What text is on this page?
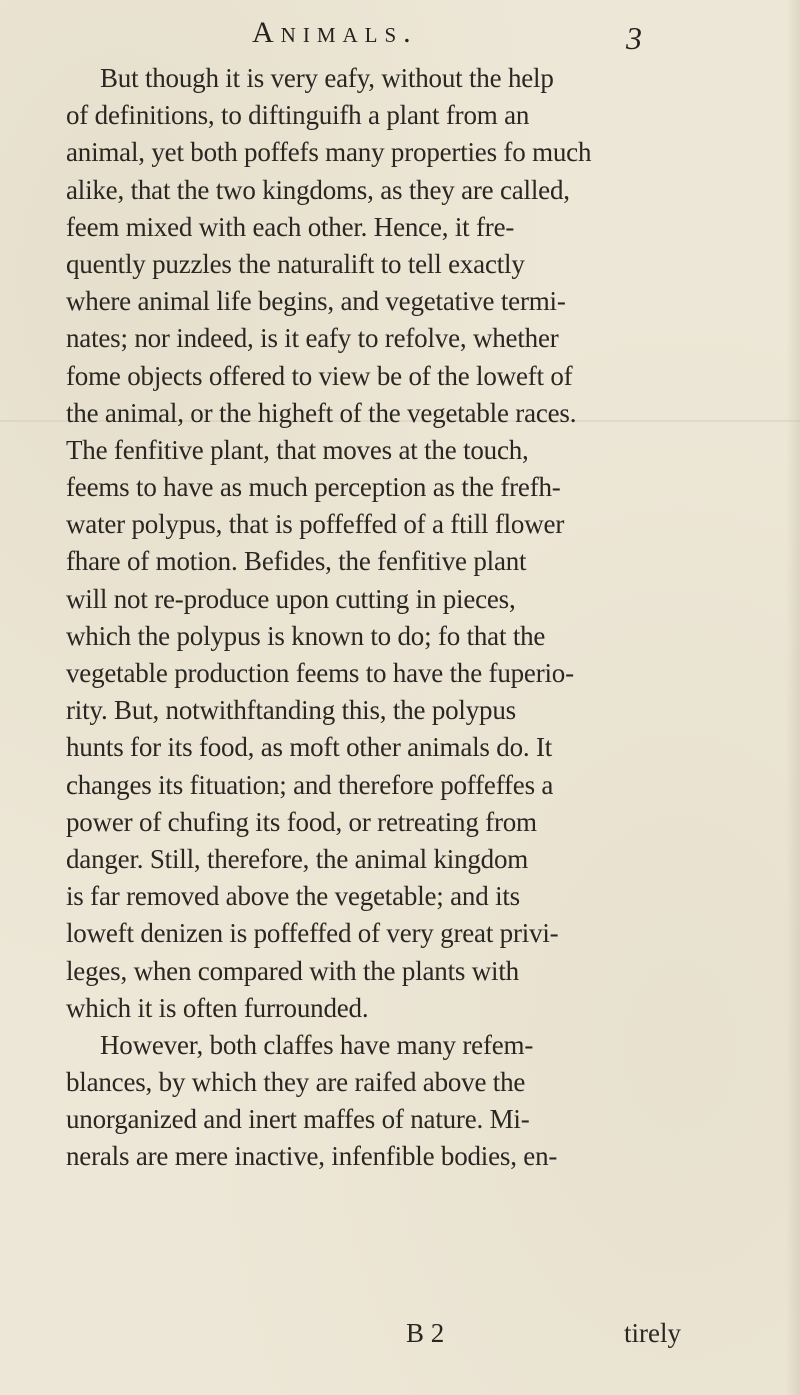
Animals.	3
But though it is very eafy, without the help
of definitions, to diftinguifh a plant from an
animal, yet both poffefs many properties fo much
alike, that the two kingdoms, as they are called,
feem mixed with each other. Hence, it fre-
quently puzzles the naturalift to tell exactly
where animal life begins, and vegetative termi-
nates; nor indeed, is it eafy to refolve, whether
fome objects offered to view be of the loweft of
the animal, or the higheft of the vegetable races.
The fenfitive plant, that moves at the touch,
feems to have as much perception as the frefh-
water polypus, that is poffeffed of a ftill flower
fhare of motion. Befides, the fenfitive plant
will not re-produce upon cutting in pieces,
which the polypus is known to do; fo that the
vegetable production feems to have the fuperio-
rity. But, notwithftanding this, the polypus
hunts for its food, as moft other animals do. It
changes its fituation; and therefore poffeffes a
power of chufing its food, or retreating from
danger. Still, therefore, the animal kingdom
is far removed above the vegetable; and its
loweft denizen is poffeffed of very great privi-
leges, when compared with the plants with
which it is often furrounded.
However, both claffes have many refem-
blances, by which they are raifed above the
unorganized and inert maffes of nature. Mi-
nerals are mere inactive, infenfible bodies, en-
B 2	tirely
